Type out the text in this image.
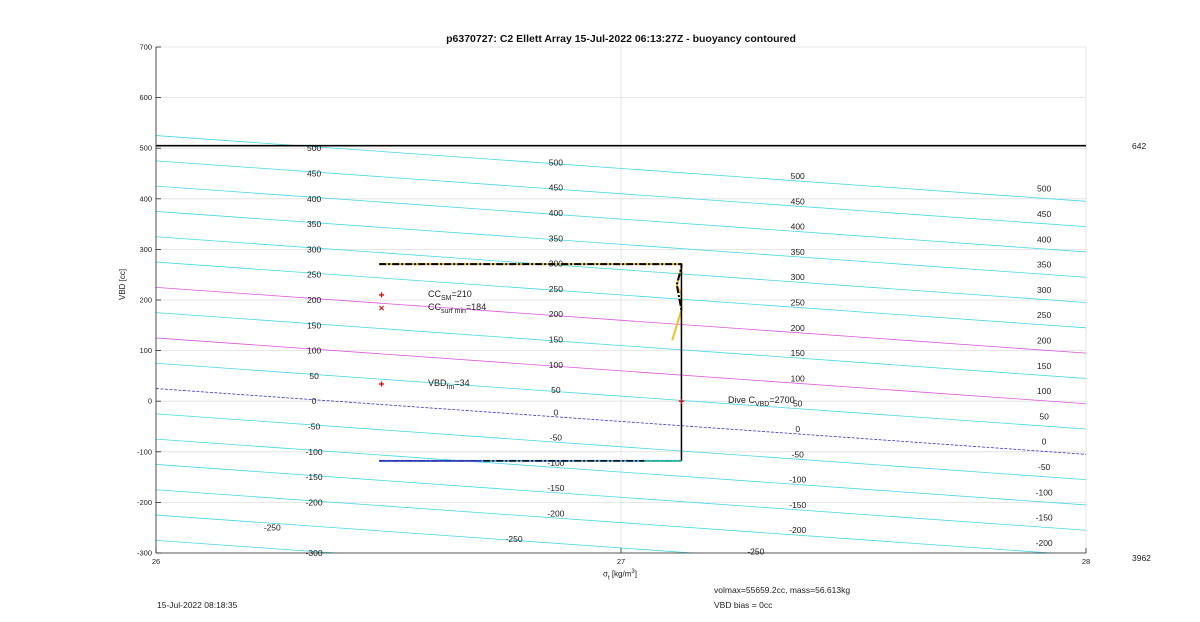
500
450
400
350
300
250
200
150
100
50
0
-50
-100
-150
-200
-250
-300
500
450
400
350
300
250
200
150
100
50
0
-50
-100
-150
-200
-250
500
450
400
350
300
250
200
150
100
50
0
-50
-100
-150
-200
-250
500
450
400
350
300
250
200
150
100
50
0
-50
-100
-150
-200
$CC_{SM}=210$
$CC_{surf min}=184$
$VBD_{fm}=34$
Dive $C_{VBD}=2700$
26	27	28
-300
-200
-100
0
100
200
300
400
500
600
700
p6370727: C2 Ellett Array 15-Jul-2022 06:13:27Z - buoyancy contoured
VBD [cc]
$\sigma_t$ $[kg/m^3]$
642
3962
15-Jul-2022 08:18:35
volmax=55659.2cc, mass=56.613kg
VBD bias = 0cc
